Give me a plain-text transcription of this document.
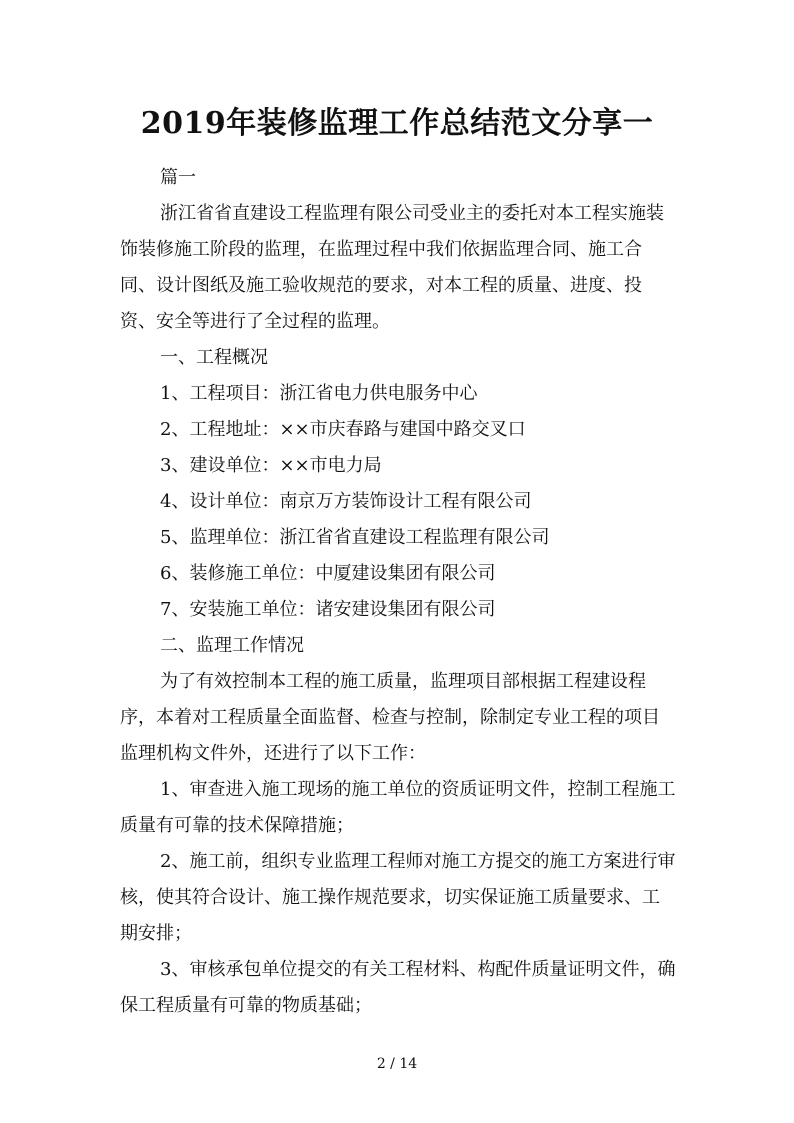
2019年装修监理工作总结范文分享一

篇一

浙江省省直建设工程监理有限公司受业主的委托对本工程实施装饰装修施工阶段的监理，在监理过程中我们依据监理合同、施工合同、设计图纸及施工验收规范的要求，对本工程的质量、进度、投资、安全等进行了全过程的监理。

一、工程概况

1、工程项目：浙江省电力供电服务中心
2、工程地址：××市庆春路与建国中路交叉口
3、建设单位：××市电力局
4、设计单位：南京万方装饰设计工程有限公司
5、监理单位：浙江省省直建设工程监理有限公司
6、装修施工单位：中厦建设集团有限公司
7、安装施工单位：诸安建设集团有限公司

二、监理工作情况

为了有效控制本工程的施工质量，监理项目部根据工程建设程序，本着对工程质量全面监督、检查与控制，除制定专业工程的项目监理机构文件外，还进行了以下工作：

1、审查进入施工现场的施工单位的资质证明文件，控制工程施工质量有可靠的技术保障措施；

2、施工前，组织专业监理工程师对施工方提交的施工方案进行审核，使其符合设计、施工操作规范要求，切实保证施工质量要求、工期安排；

3、审核承包单位提交的有关工程材料、构配件质量证明文件，确保工程质量有可靠的物质基础；

2 / 14
